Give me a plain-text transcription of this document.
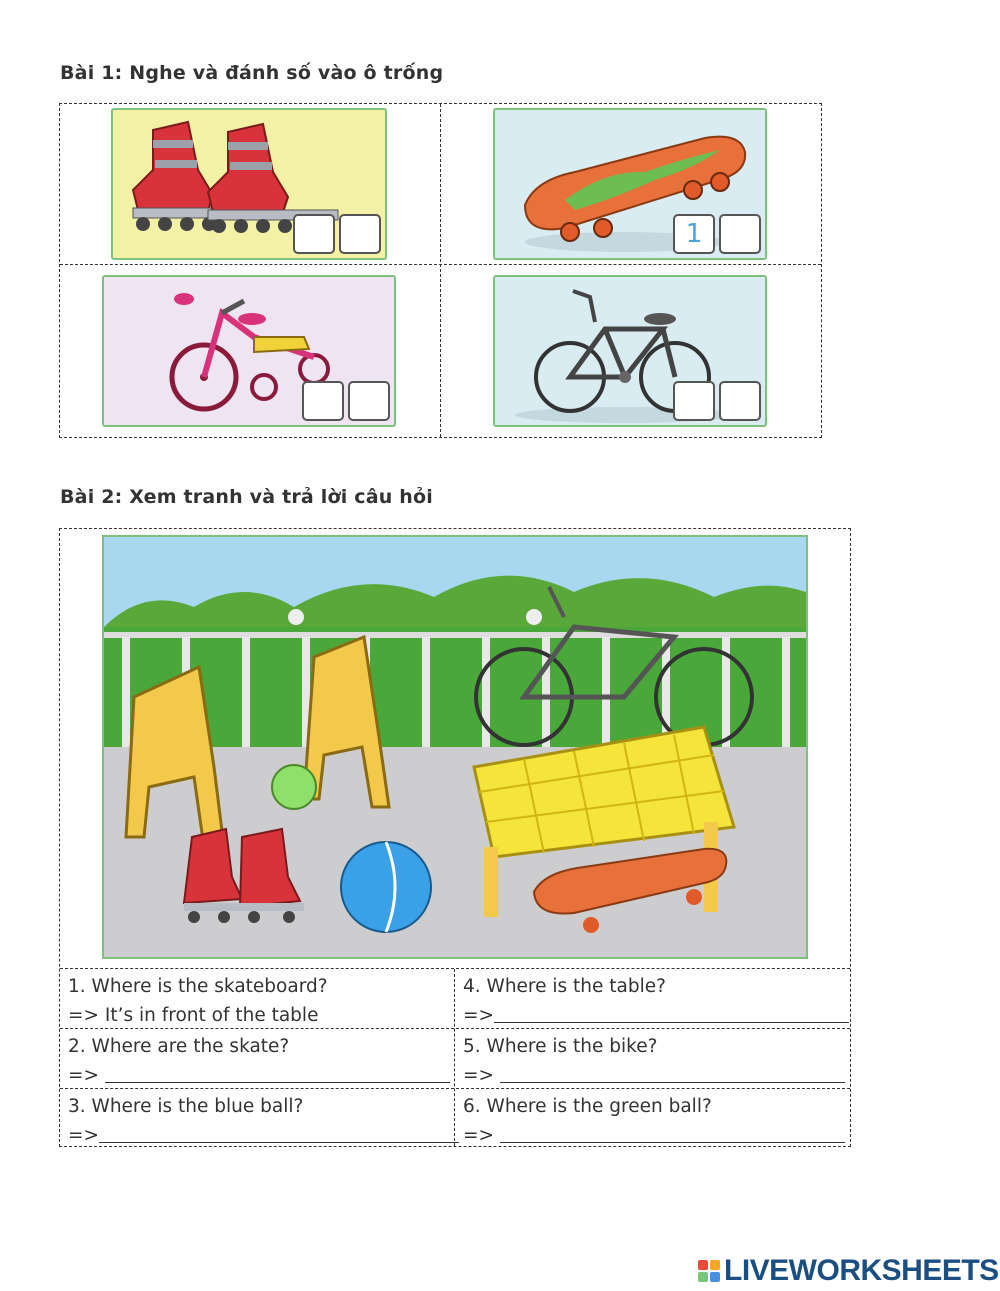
Bài 1: Nghe và đánh số vào ô trống
1
Bài 2: Xem tranh và trả lời câu hỏi
1. Where is the skateboard?
=> It’s in front of the table
4. Where is the table?
=>
2. Where are the skate?
=>
5. Where is the bike?
=>
3. Where is the blue ball?
=>
6. Where is the green ball?
=>
LIVEWORKSHEETS
